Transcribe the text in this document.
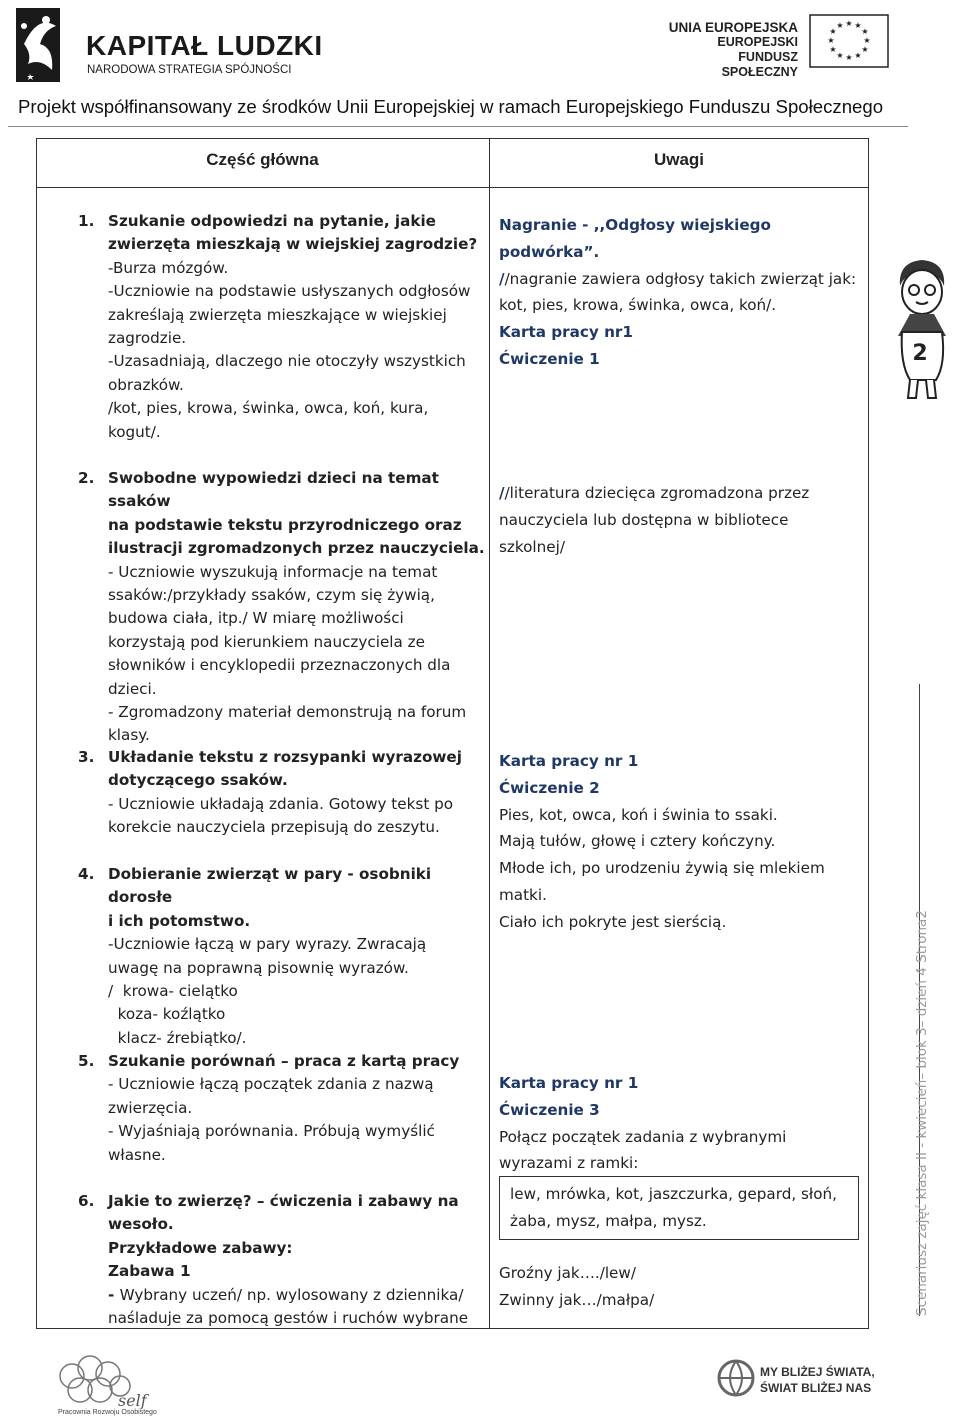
KAPITAŁ LUDZKI
NARODOWA STRATEGIA SPÓJNOŚCI
UNIA EUROPEJSKA
EUROPEJSKI
FUNDUSZ SPOŁECZNY
★ ★
★
★
★
★
★
★
★
★
★
★
Projekt współfinansowany ze środków Unii Europejskiej w ramach Europejskiego Funduszu Społecznego
Część główna	Uwagi
1. Szukanie odpowiedzi na pytanie, jakie
zwierzęta mieszkają w wiejskiej zagrodzie?
-Burza mózgów.
-Uczniowie na podstawie usłyszanych odgłosów
zakreślają zwierzęta mieszkające w wiejskiej
zagrodzie.
-Uzasadniają, dlaczego nie otoczyły wszystkich
obrazków.
/kot, pies, krowa, świnka, owca, koń, kura,
kogut/.
2. Swobodne wypowiedzi dzieci na temat ssaków
na podstawie tekstu przyrodniczego oraz
ilustracji zgromadzonych przez nauczyciela.
- Uczniowie wyszukują informacje na temat
ssaków:/przykłady ssaków, czym się żywią,
budowa ciała, itp./ W miarę możliwości
korzystają pod kierunkiem nauczyciela ze
słowników i encyklopedii przeznaczonych dla
dzieci.
- Zgromadzony materiał demonstrują na forum
klasy.
3. Układanie tekstu z rozsypanki wyrazowej
dotyczącego ssaków.
- Uczniowie układają zdania. Gotowy tekst po
korekcie nauczyciela przepisują do zeszytu.
4. Dobieranie zwierząt w pary - osobniki dorosłe
i ich potomstwo.
-Uczniowie łączą w pary wyrazy. Zwracają
uwagę na poprawną pisownię wyrazów.
/  krowa- cielątko
koza- koźlątko
klacz- źrebiątko/.
5. Szukanie porównań – praca z kartą pracy
- Uczniowie łączą początek zdania z nazwą
zwierzęcia.
- Wyjaśniają porównania. Próbują wymyślić
własne.
6. Jakie to zwierzę? – ćwiczenia i zabawy na
wesoło.
Przykładowe zabawy:
Zabawa 1
- Wybrany uczeń/ np. wylosowany z dziennika/
naśladuje za pomocą gestów i ruchów wybrane
Nagranie - ,,Odgłosy wiejskiego podwórka”.
//nagranie zawiera odgłosy takich zwierząt jak:
kot, pies, krowa, świnka, owca, koń/.
Karta pracy nr1
Ćwiczenie 1
//literatura dziecięca zgromadzona przez
nauczyciela lub dostępna w bibliotece
szkolnej/
Karta pracy nr 1
Ćwiczenie 2
Pies, kot, owca, koń i świnia to ssaki.
Mają tułów, głowę i cztery kończyny.
Młode ich, po urodzeniu żywią się mlekiem
matki.
Ciało ich pokryte jest sierścią.
Karta pracy nr 1
Ćwiczenie 3
Połącz początek zadania z wybranymi
wyrazami z ramki:
lew, mrówka, kot, jaszczurka, gepard, słoń,
żaba, mysz, małpa, mysz.
Groźny jak…./lew/
Zwinny jak…/małpa/
2
Scenariusz zajęć klasa II - kwiecień– blok 3– dzień 4 Strona2
self
Pracownia Rozwoju Osobistego
MY BLIŻEJ ŚWIATA,
ŚWIAT BLIŻEJ NAS
